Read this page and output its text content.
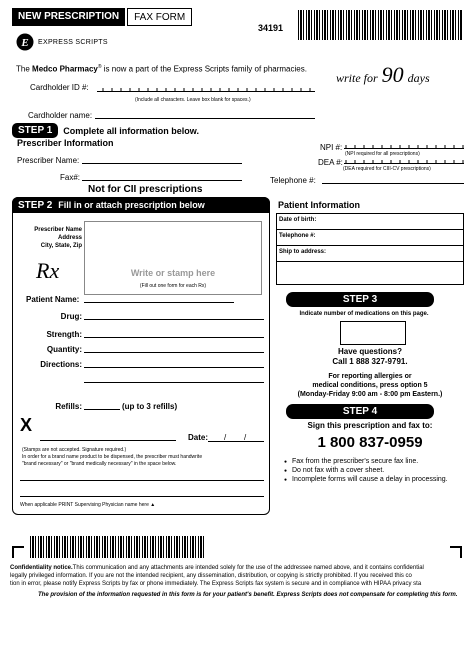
NEW PRESCRIPTION	FAX FORM
34191
E EXPRESS SCRIPTS
The Medco Pharmacy® is now a part of the Express Scripts family of pharmacies.
write for 90 days
Cardholder ID #:
(Include all characters. Leave box blank for spaces.)
Cardholder name:
STEP 1	Complete all information below.
Prescriber Information
Prescriber Name:
Fax#:
NPI #:
(NPI required for all prescriptions)
DEA #:
(DEA required for CIII-CV prescriptions)
Telephone #:
Not for CII prescriptions
STEP 2 Fill in or attach prescription below
Prescriber Name
Address
City, State, Zip
Write or stamp here
(Fill out one form for each Rx)
Rx
Patient Name:
Drug:
Strength:
Quantity:
Directions:
Refills:	(up to 3 refills)
X
Date: / /
(Stamps are not accepted. Signature required.)
In order for a brand name product to be dispensed, the prescriber must handwrite
"brand necessary" or "brand medically necessary" in the space below.
When applicable PRINT Supervising Physician name here ▲
Patient Information
Date of birth:
Telephone #:
Ship to address:
STEP 3
Indicate number of medications on this page.
Have questions?
Call 1 888 327-9791.
For reporting allergies or
medical conditions, press option 5
(Monday-Friday 9:00 am - 8:00 pm Eastern.)
STEP 4
Sign this prescription and fax to:
1 800 837-0959
● Fax from the prescriber's secure fax line.
● Do not fax with a cover sheet.
● Incomplete forms will cause a delay in processing.
Confidentiality notice.This communication and any attachments are intended solely for the use of the addressee named above, and it contains confidential
legally privileged information. If you are not the intended recipient, any dissemination, distribution, or copying is strictly prohibited. If you received this co
tion in error, please notify Express Scripts by fax or phone immediately. The Express Scripts fax system is secure and in compliance with HIPAA privacy sta
The provision of the information requested in this form is for your patient's benefit. Express Scripts does not compensate for completing this form.
